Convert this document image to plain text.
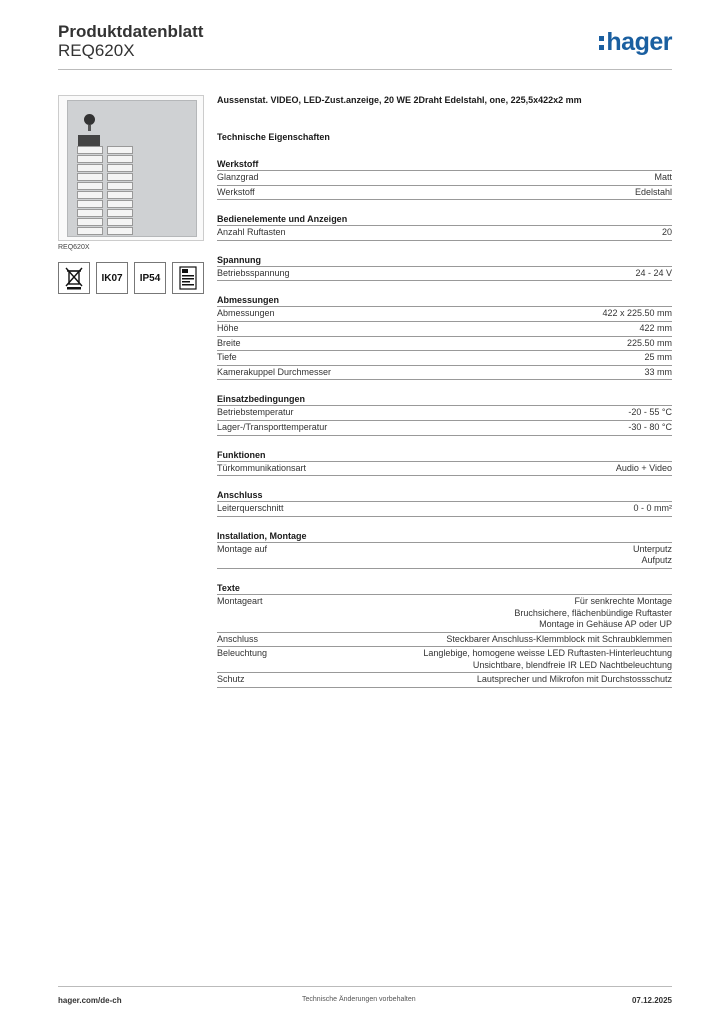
Produktdatenblatt
REQ620X	hager
REQ620X
IK07	IP54
Aussenstat. VIDEO, LED-Zust.anzeige, 20 WE 2Draht Edelstahl, one, 225,5x422x2 mm
Technische Eigenschaften
Werkstoff
Glanzgrad	Matt
Werkstoff	Edelstahl
Bedienelemente und Anzeigen
Anzahl Ruftasten	20
Spannung
Betriebsspannung	24 - 24 V
Abmessungen
Abmessungen	422 x 225.50 mm
Höhe	422 mm
Breite	225.50 mm
Tiefe	25 mm
Kamerakuppel Durchmesser	33 mm
Einsatzbedingungen
Betriebstemperatur	-20 - 55 °C
Lager-/Transporttemperatur	-30 - 80 °C
Funktionen
Türkommunikationsart	Audio + Video
Anschluss
Leiterquerschnitt	0 - 0 mm²
Installation, Montage
Montage auf	Unterputz
Aufputz
Texte
Montageart	Für senkrechte Montage
Bruchsichere, flächenbündige Ruftaster
Montage in Gehäuse AP oder UP
Anschluss	Steckbarer Anschluss-Klemmblock mit Schraubklemmen
Beleuchtung	Langlebige, homogene weisse LED Ruftasten-Hinterleuchtung
Unsichtbare, blendfreie IR LED Nachtbeleuchtung
Schutz	Lautsprecher und Mikrofon mit Durchstossschutz
hager.com/de-ch	Technische Änderungen vorbehalten	07.12.2025
